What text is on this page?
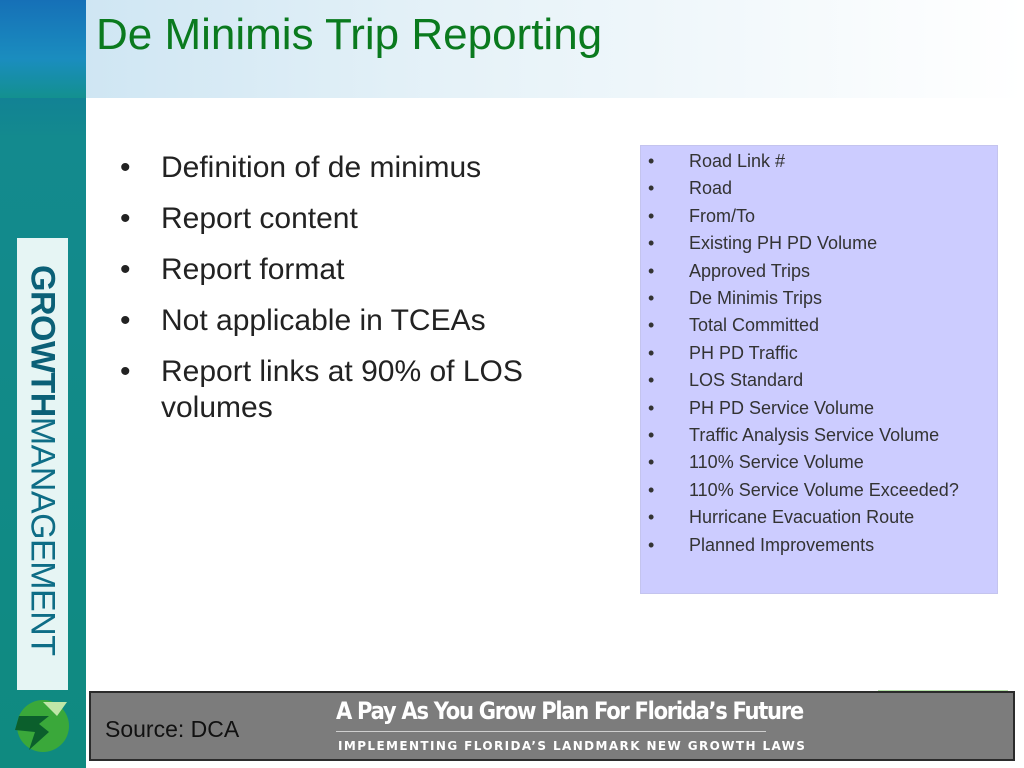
GROWTHMANAGEMENT
De Minimis Trip Reporting
•	Definition of de minimus
•	Report content
•	Report format
•	Not applicable in TCEAs
•	Report links at 90% of LOS volumes
•	Road Link #
•	Road
•	From/To
•	Existing PH PD Volume
•	Approved Trips
•	De Minimis Trips
•	Total Committed
•	PH PD Traffic
•	LOS Standard
•	PH PD Service Volume
•	Traffic Analysis Service Volume
•	110% Service Volume
•	110% Service Volume Exceeded?
•	Hurricane Evacuation Route
•	Planned Improvements
Source: DCA
A Pay As You Grow Plan For Florida’s Future
IMPLEMENTING FLORIDA’S LANDMARK NEW GROWTH LAWS
